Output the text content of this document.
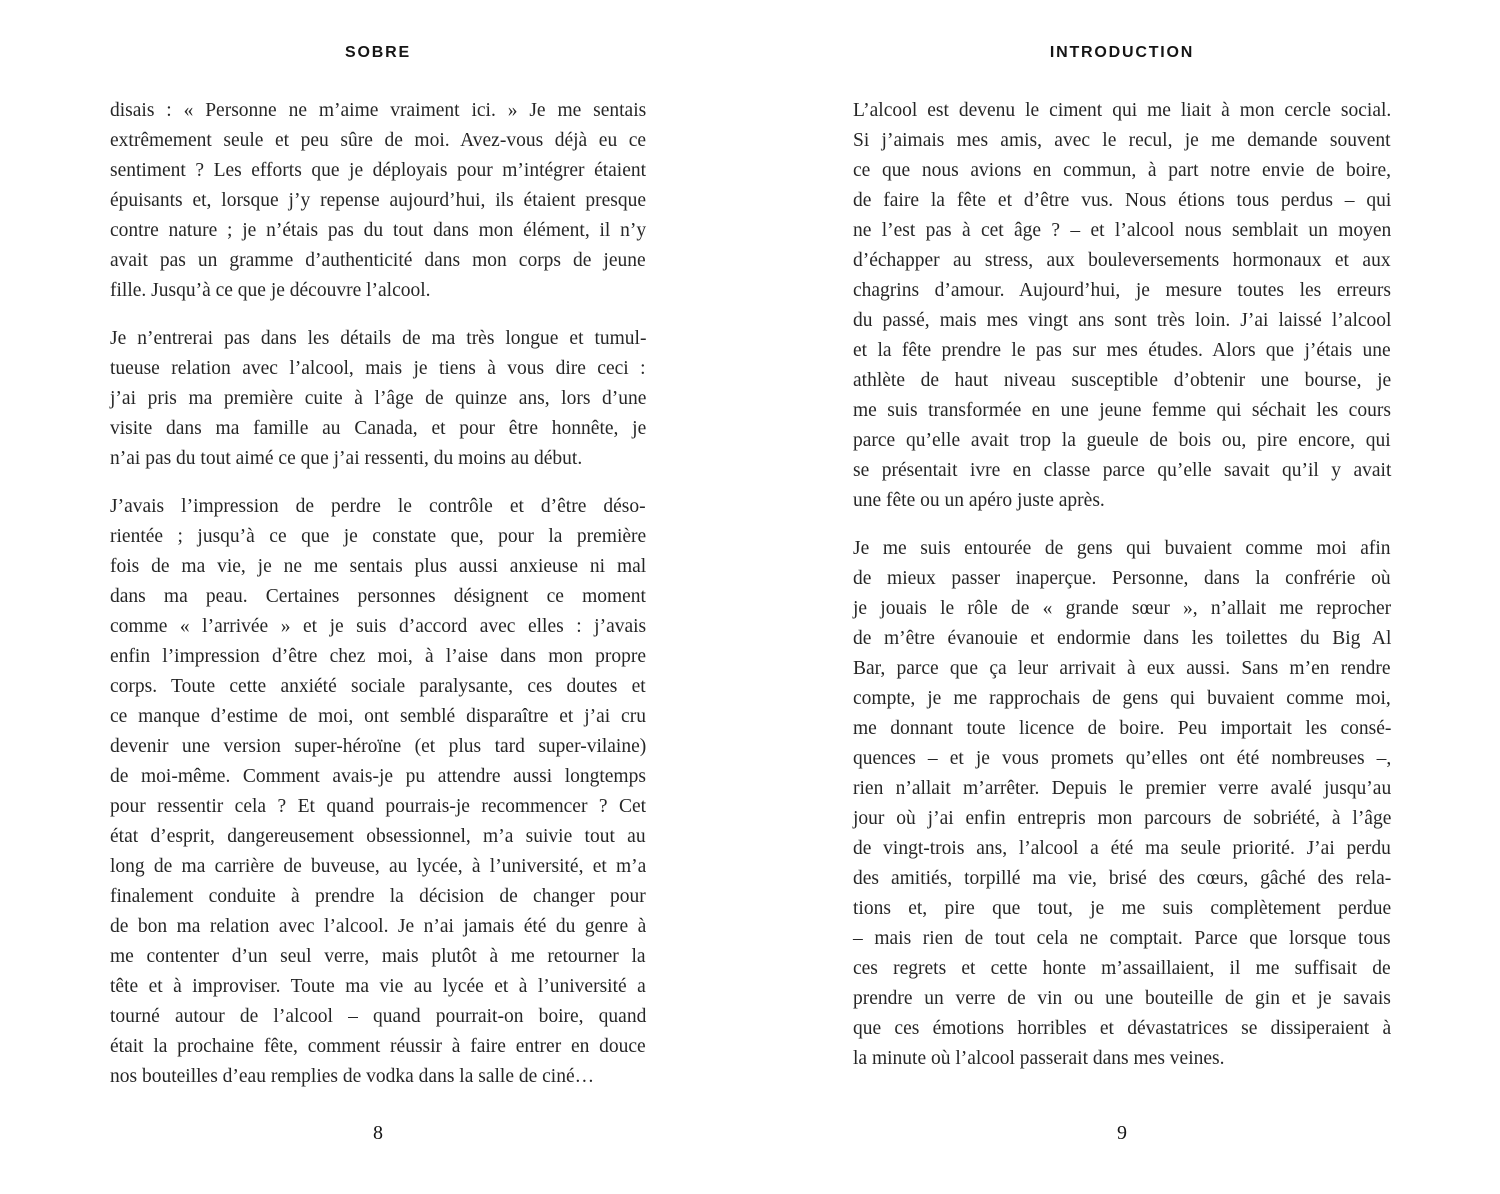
SOBRE
disais : « Personne ne m’aime vraiment ici. » Je me sentais
extrêmement seule et peu sûre de moi. Avez-vous déjà eu ce
sentiment ? Les efforts que je déployais pour m’intégrer étaient
épuisants et, lorsque j’y repense aujourd’hui, ils étaient presque
contre nature ; je n’étais pas du tout dans mon élément, il n’y
avait pas un gramme d’authenticité dans mon corps de jeune
fille. Jusqu’à ce que je découvre l’alcool.
Je n’entrerai pas dans les détails de ma très longue et tumul-
tueuse relation avec l’alcool, mais je tiens à vous dire ceci :
j’ai pris ma première cuite à l’âge de quinze ans, lors d’une
visite dans ma famille au Canada, et pour être honnête, je
n’ai pas du tout aimé ce que j’ai ressenti, du moins au début.
J’avais l’impression de perdre le contrôle et d’être déso-
rientée ; jusqu’à ce que je constate que, pour la première
fois de ma vie, je ne me sentais plus aussi anxieuse ni mal
dans ma peau. Certaines personnes désignent ce moment
comme « l’arrivée » et je suis d’accord avec elles : j’avais
enfin l’impression d’être chez moi, à l’aise dans mon propre
corps. Toute cette anxiété sociale paralysante, ces doutes et
ce manque d’estime de moi, ont semblé disparaître et j’ai cru
devenir une version super-héroïne (et plus tard super-vilaine)
de moi-même. Comment avais-je pu attendre aussi longtemps
pour ressentir cela ? Et quand pourrais-je recommencer ? Cet
état d’esprit, dangereusement obsessionnel, m’a suivie tout au
long de ma carrière de buveuse, au lycée, à l’université, et m’a
finalement conduite à prendre la décision de changer pour
de bon ma relation avec l’alcool. Je n’ai jamais été du genre à
me contenter d’un seul verre, mais plutôt à me retourner la
tête et à improviser. Toute ma vie au lycée et à l’université a
tourné autour de l’alcool – quand pourrait-on boire, quand
était la prochaine fête, comment réussir à faire entrer en douce
nos bouteilles d’eau remplies de vodka dans la salle de ciné…
8
INTRODUCTION
L’alcool est devenu le ciment qui me liait à mon cercle social.
Si j’aimais mes amis, avec le recul, je me demande souvent
ce que nous avions en commun, à part notre envie de boire,
de faire la fête et d’être vus. Nous étions tous perdus – qui
ne l’est pas à cet âge ? – et l’alcool nous semblait un moyen
d’échapper au stress, aux bouleversements hormonaux et aux
chagrins d’amour. Aujourd’hui, je mesure toutes les erreurs
du passé, mais mes vingt ans sont très loin. J’ai laissé l’alcool
et la fête prendre le pas sur mes études. Alors que j’étais une
athlète de haut niveau susceptible d’obtenir une bourse, je
me suis transformée en une jeune femme qui séchait les cours
parce qu’elle avait trop la gueule de bois ou, pire encore, qui
se présentait ivre en classe parce qu’elle savait qu’il y avait
une fête ou un apéro juste après.
Je me suis entourée de gens qui buvaient comme moi afin
de mieux passer inaperçue. Personne, dans la confrérie où
je jouais le rôle de « grande sœur », n’allait me reprocher
de m’être évanouie et endormie dans les toilettes du Big Al
Bar, parce que ça leur arrivait à eux aussi. Sans m’en rendre
compte, je me rapprochais de gens qui buvaient comme moi,
me donnant toute licence de boire. Peu importait les consé-
quences – et je vous promets qu’elles ont été nombreuses –,
rien n’allait m’arrêter. Depuis le premier verre avalé jusqu’au
jour où j’ai enfin entrepris mon parcours de sobriété, à l’âge
de vingt-trois ans, l’alcool a été ma seule priorité. J’ai perdu
des amitiés, torpillé ma vie, brisé des cœurs, gâché des rela-
tions et, pire que tout, je me suis complètement perdue
– mais rien de tout cela ne comptait. Parce que lorsque tous
ces regrets et cette honte m’assaillaient, il me suffisait de
prendre un verre de vin ou une bouteille de gin et je savais
que ces émotions horribles et dévastatrices se dissiperaient à
la minute où l’alcool passerait dans mes veines.
9
